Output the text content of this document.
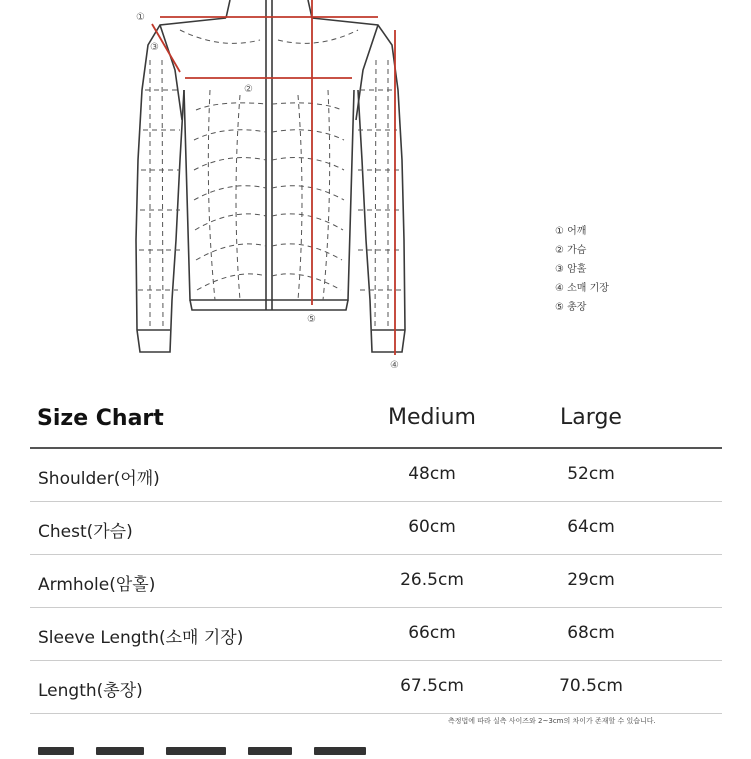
①
②
③
④
⑤
① 어깨
② 가슴
③ 암홀
④ 소매 기장
⑤ 총장
Size Chart	Medium	Large
Shoulder(어깨)	48cm	52cm
Chest(가슴)	60cm	64cm
Armhole(암홀)	26.5cm	29cm
Sleeve Length(소매 기장)	66cm	68cm
Length(총장)	67.5cm	70.5cm
측정법에 따라 실측 사이즈와 2~3cm의 차이가 존재할 수 있습니다.
